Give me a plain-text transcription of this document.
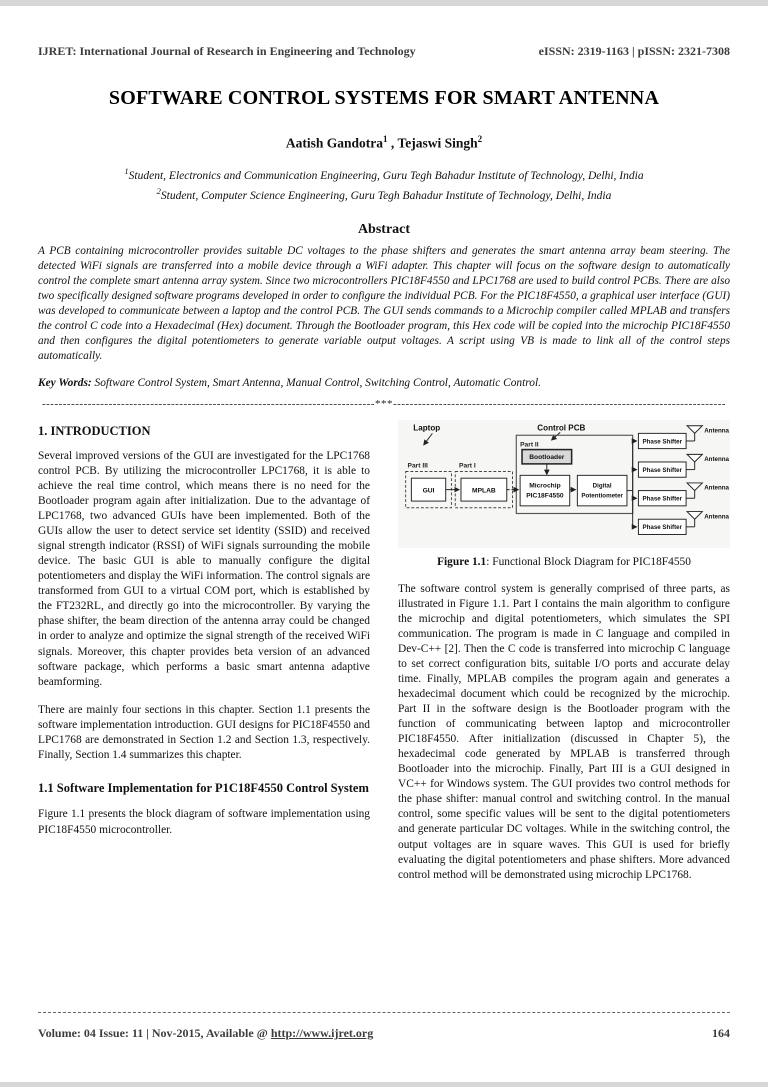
IJRET: International Journal of Research in Engineering and Technology	eISSN: 2319-1163 | pISSN: 2321-7308
SOFTWARE CONTROL SYSTEMS FOR SMART ANTENNA
Aatish Gandotra$^1$ , Tejaswi Singh$^2$
$^1$Student, Electronics and Communication Engineering, Guru Tegh Bahadur Institute of Technology, Delhi, India
$^2$Student, Computer Science Engineering, Guru Tegh Bahadur Institute of Technology, Delhi, India
Abstract
A PCB containing microcontroller provides suitable DC voltages to the phase shifters and generates the smart antenna array beam steering. The detected WiFi signals are transferred into a mobile device through a WiFi adapter. This chapter will focus on the software design to automatically control the complete smart antenna array system. Since two microcontrollers PIC18F4550 and LPC1768 are used to build control PCBs. There are also two specifically designed software programs developed in order to configure the individual PCB. For the PIC18F4550, a graphical user interface (GUI) was developed to communicate between a laptop and the control PCB. The GUI sends commands to a Microchip compiler called MPLAB and transfers the control C code into a Hexadecimal (Hex) document. Through the Bootloader program, this Hex code will be copied into the microchip PIC18F4550 and then configures the digital potentiometers to generate variable output voltages. A script using VB is made to link all of the control steps automatically.
Key Words: Software Control System, Smart Antenna, Manual Control, Switching Control, Automatic Control.
--------------------------------------------------------------------------------***--------------------------------------------------------------------------------
1. INTRODUCTION

Several improved versions of the GUI are investigated for the LPC1768 control PCB. By utilizing the microcontroller LPC1768, it is able to achieve the real time control, which means there is no need for the Bootloader program again after initialization. Due to the advantage of LPC1768, two advanced GUIs have been implemented. Both of the GUIs allow the user to detect service set identity (SSID) and received signal strength indicator (RSSI) of WiFi signals surrounding the mobile device. The basic GUI is able to manually configure the digital potentiometers and display the WiFi information. The control signals are transformed from GUI to a virtual COM port, which is established by the FT232RL, and directly go into the microcontroller. By varying the phase shifter, the beam direction of the antenna array could be changed in order to analyze and optimize the signal strength of the received WiFi signals. Moreover, this chapter provides beta version of an advanced software package, which performs a basic smart antenna adaptive beamforming.

There are mainly four sections in this chapter. Section 1.1 presents the software implementation introduction. GUI designs for PIC18F4550 and LPC1768 are demonstrated in Section 1.2 and Section 1.3, respectively. Finally, Section 1.4 summarizes this chapter.

1.1 Software Implementation for P1C18F4550 Control System

Figure 1.1 presents the block diagram of software implementation using PIC18F4550 microcontroller.

Laptop	Control PCB
Part II
Bootloader
Part III
GUI
Part I
MPLAB
Microchip
PIC18F4550
Digital
Potentiometer
Phase Shifter
Antenna
Phase Shifter
Antenna
Phase Shifter
Antenna
Phase Shifter
Antenna
Figure 1.1: Functional Block Diagram for PIC18F4550

The software control system is generally comprised of three parts, as illustrated in Figure 1.1. Part I contains the main algorithm to configure the microchip and digital potentiometers, which simulates the SPI communication. The program is made in C language and compiled in Dev-C++ [2]. Then the C code is transferred into microchip C language to set correct configuration bits, suitable I/O ports and accurate delay time. Finally, MPLAB compiles the program again and generates a hexadecimal document which could be recognized by the microchip. Part II in the software design is the Bootloader program with the function of communicating between laptop and microcontroller PIC18F4550. After initialization (discussed in Chapter 5), the hexadecimal code generated by MPLAB is transferred through Bootloader into the microchip. Finally, Part III is a GUI designed in VC++ for Windows system. The GUI provides two control methods for the phase shifter: manual control and switching control. In the manual control, some specific values will be sent to the digital potentiometers and generate particular DC voltages. While in the switching control, the output voltages are in square waves. This GUI is used for briefly evaluating the digital potentiometers and phase shifters. More advanced control method will be demonstrated using microchip LPC1768.

Volume: 04 Issue: 11 | Nov-2015, Available @ http://www.ijret.org	164
